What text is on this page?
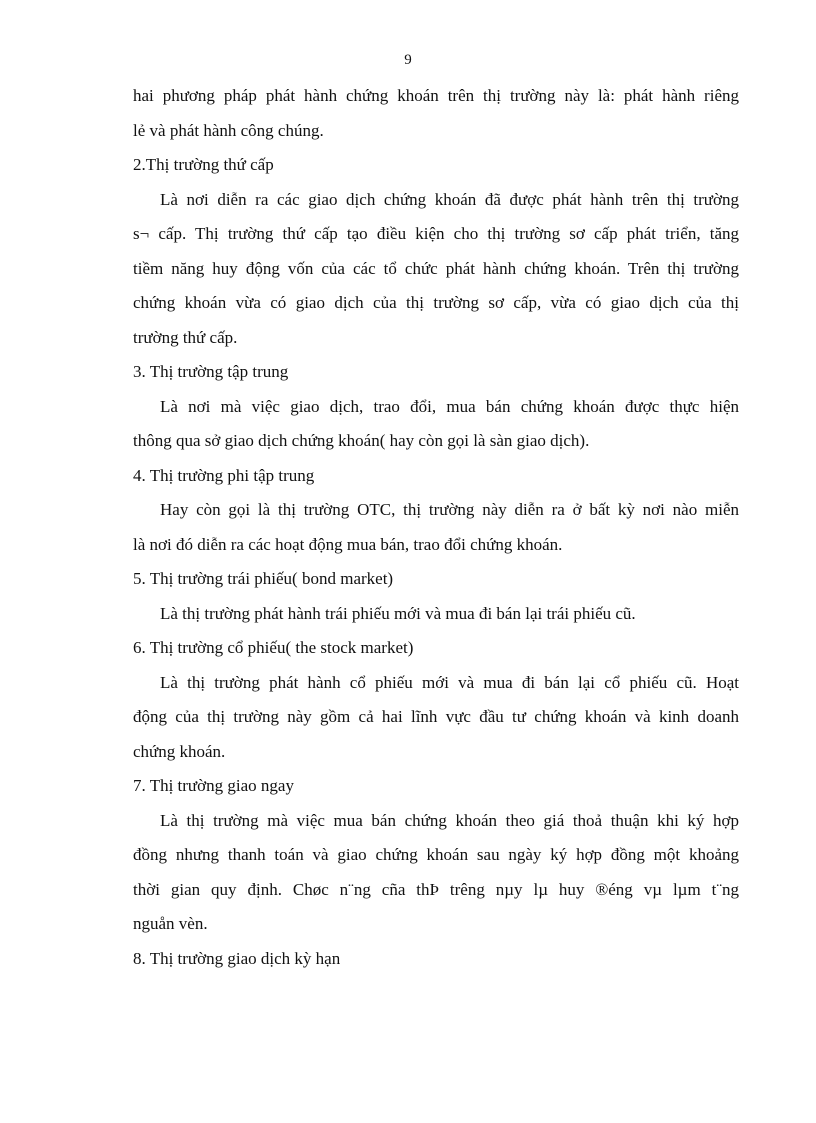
9
hai phương pháp phát hành chứng khoán trên thị trường này là: phát hành riêng
lẻ và phát hành công chúng.
2.Thị trường thứ cấp
Là nơi diễn ra các giao dịch chứng khoán đã được phát hành trên thị trường
s¬ cấp. Thị trường thứ cấp tạo điều kiện cho thị trường sơ cấp phát triển, tăng
tiềm năng huy động vốn của các tổ chức phát hành chứng khoán. Trên thị trường
chứng khoán vừa có giao dịch của thị trường sơ cấp, vừa có giao dịch của thị
trường thứ cấp.
3. Thị trường tập trung
Là nơi mà việc giao dịch, trao đổi, mua bán chứng khoán được thực hiện
thông qua sở giao dịch chứng khoán( hay còn gọi là sàn giao dịch).
4. Thị trường phi tập trung
Hay còn gọi là thị trường OTC, thị trường này diễn ra ở bất kỳ nơi nào miễn
là nơi đó diễn ra các hoạt động mua bán, trao đổi chứng khoán.
5. Thị trường trái phiếu( bond market)
Là thị trường phát hành trái phiếu mới và mua đi bán lại trái phiếu cũ.
6. Thị trường cổ phiếu( the stock market)
Là thị trường phát hành cổ phiếu mới và mua đi bán lại cổ phiếu cũ. Hoạt
động của thị trường này gồm cả hai lĩnh vực đầu tư chứng khoán và kinh doanh
chứng khoán.
7. Thị trường giao ngay
Là thị trường mà việc mua bán chứng khoán theo giá thoả thuận khi ký hợp
đồng nhưng thanh toán và giao chứng khoán sau ngày ký hợp đồng một khoảng
thời gian quy định. Chøc n¨ng cña thÞ trêng nµy lµ huy ®éng vµ lµm t¨ng
nguån vèn.
8. Thị trường giao dịch kỳ hạn
